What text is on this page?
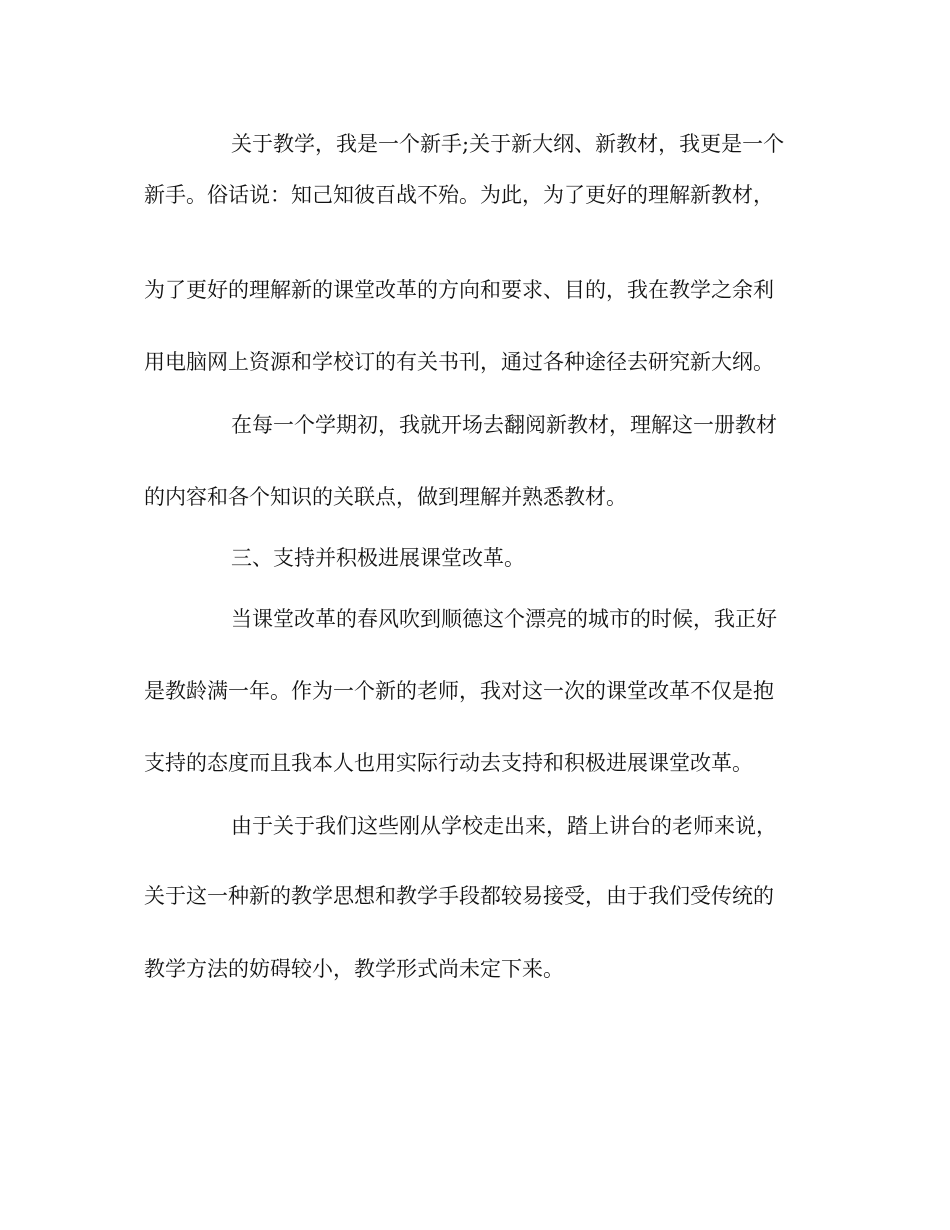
关于教学，我是一个新手;关于新大纲、新教材，我更是一个

新手。俗话说：知己知彼百战不殆。为此，为了更好的理解新教材，

为了更好的理解新的课堂改革的方向和要求、目的，我在教学之余利

用电脑网上资源和学校订的有关书刊，通过各种途径去研究新大纲。

在每一个学期初，我就开场去翻阅新教材，理解这一册教材

的内容和各个知识的关联点，做到理解并熟悉教材。

三、支持并积极进展课堂改革。

当课堂改革的春风吹到顺德这个漂亮的城市的时候，我正好

是教龄满一年。作为一个新的老师，我对这一次的课堂改革不仅是抱

支持的态度而且我本人也用实际行动去支持和积极进展课堂改革。

由于关于我们这些刚从学校走出来，踏上讲台的老师来说，

关于这一种新的教学思想和教学手段都较易接受，由于我们受传统的

教学方法的妨碍较小，教学形式尚未定下来。
